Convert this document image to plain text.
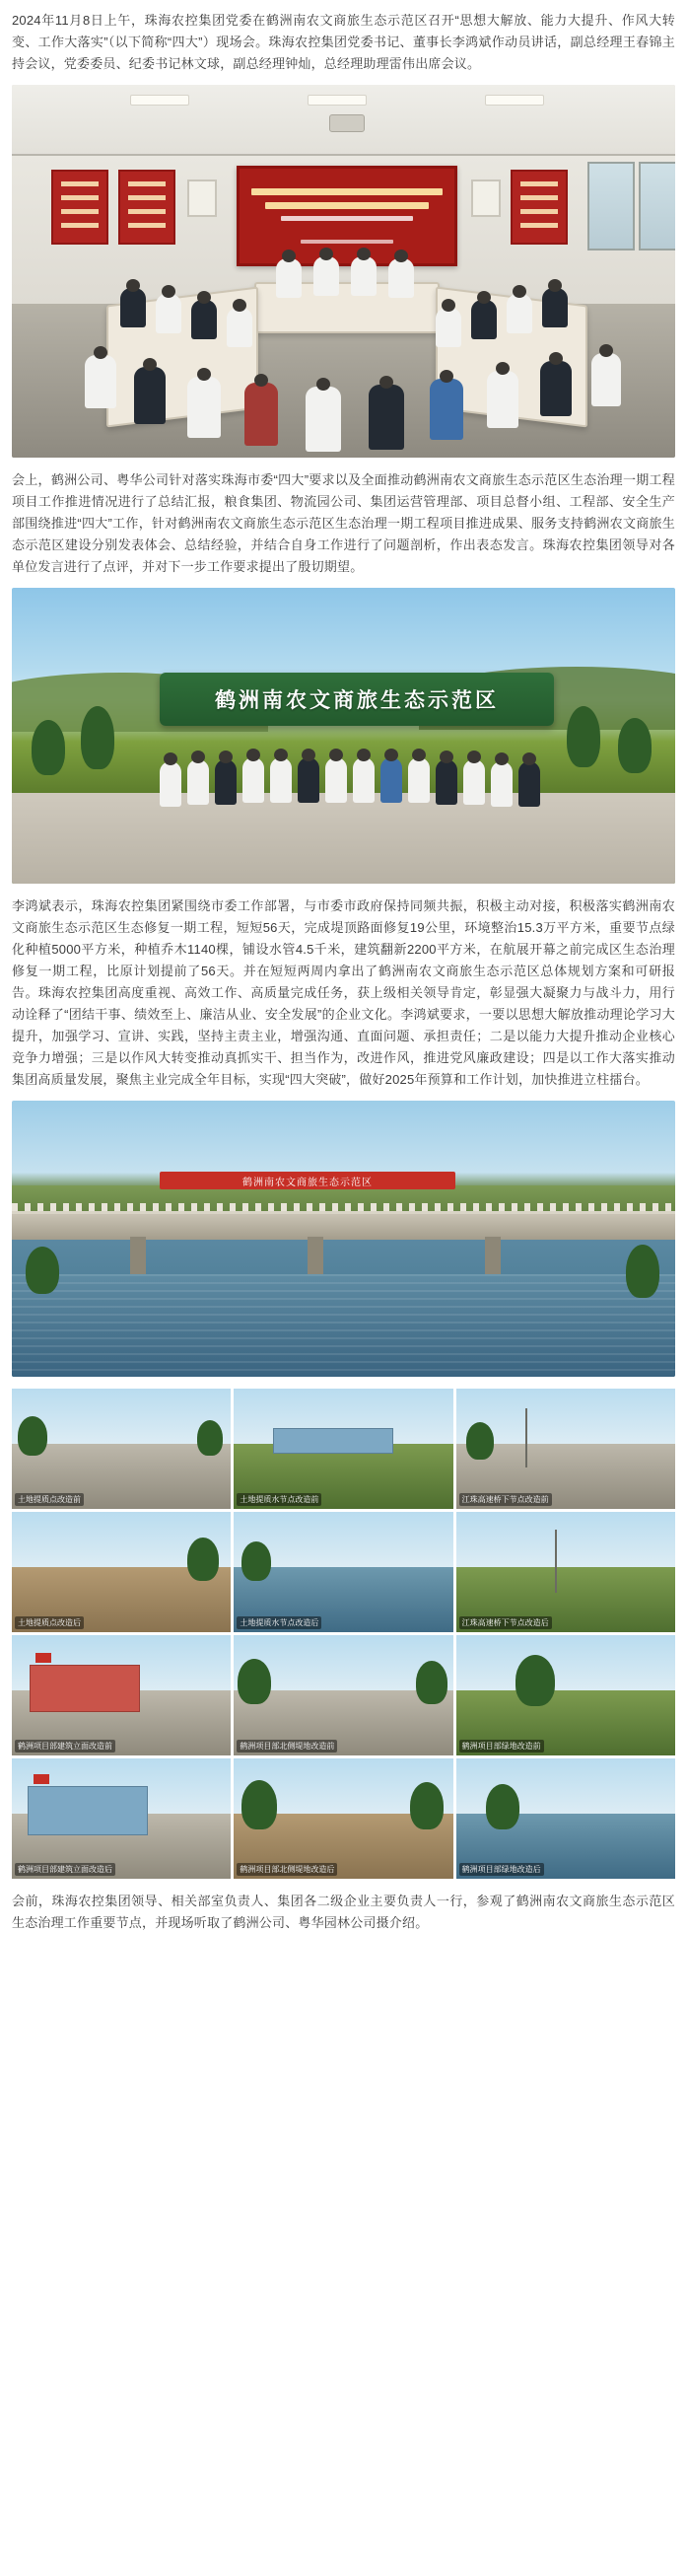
2024年11月8日上午，珠海农控集团党委在鹤洲南农文商旅生态示范区召开“思想大解放、能力大提升、作风大转变、工作大落实”（以下简称“四大”）现场会。珠海农控集团党委书记、董事长李鸿斌作动员讲话，副总经理王春锦主持会议，党委委员、纪委书记林文球，副总经理钟灿，总经理助理雷伟出席会议。

会上，鹤洲公司、粤华公司针对落实珠海市委“四大”要求以及全面推动鹤洲南农文商旅生态示范区生态治理一期工程项目工作推进情况进行了总结汇报，粮食集团、物流园公司、集团运营管理部、项目总督小组、工程部、安全生产部围绕推进“四大”工作，针对鹤洲南农文商旅生态示范区生态治理一期工程项目推进成果、服务支持鹤洲农文商旅生态示范区建设分别发表体会、总结经验，并结合自身工作进行了问题剖析，作出表态发言。珠海农控集团领导对各单位发言进行了点评，并对下一步工作要求提出了殷切期望。

鹤洲南农文商旅生态示范区

李鸿斌表示，珠海农控集团紧围绕市委工作部署，与市委市政府保持同频共振，积极主动对接，积极落实鹤洲南农文商旅生态示范区生态修复一期工程，短短56天，完成堤顶路面修复19公里，环境整治15.3万平方米，重要节点绿化种植5000平方米，种植乔木1140棵，铺设水管4.5千米，建筑翻新2200平方米，在航展开幕之前完成区生态治理修复一期工程，比原计划提前了56天。并在短短两周内拿出了鹤洲南农文商旅生态示范区总体规划方案和可研报告。珠海农控集团高度重视、高效工作、高质量完成任务，获上级相关领导肯定，彰显强大凝聚力与战斗力，用行动诠释了“团结干事、绩效至上、廉洁从业、安全发展”的企业文化。李鸿斌要求，一要以思想大解放推动理论学习大提升，加强学习、宣讲、实践，坚持主责主业，增强沟通、直面问题、承担责任；二是以能力大提升推动企业核心竞争力增强；三是以作风大转变推动真抓实干、担当作为，改进作风，推进党风廉政建设；四是以工作大落实推动集团高质量发展，聚焦主业完成全年目标，实现“四大突破”，做好2025年预算和工作计划，加快推进立柱擂台。

鹤洲南农文商旅生态示范区
土地提质点改造前	土地提质水节点改造前	江珠高速桥下节点改造前
土地提质点改造后	土地提质水节点改造后	江珠高速桥下节点改造后
鹤洲项目部建筑立面改造前	鹤洲项目部北侧堤地改造前	鹤洲项目部绿地改造前
鹤洲项目部建筑立面改造后	鹤洲项目部北侧堤地改造后	鹤洲项目部绿地改造后

会前，珠海农控集团领导、相关部室负责人、集团各二级企业主要负责人一行，参观了鹤洲南农文商旅生态示范区生态治理工作重要节点，并现场听取了鹤洲公司、粤华园林公司摄介绍。
